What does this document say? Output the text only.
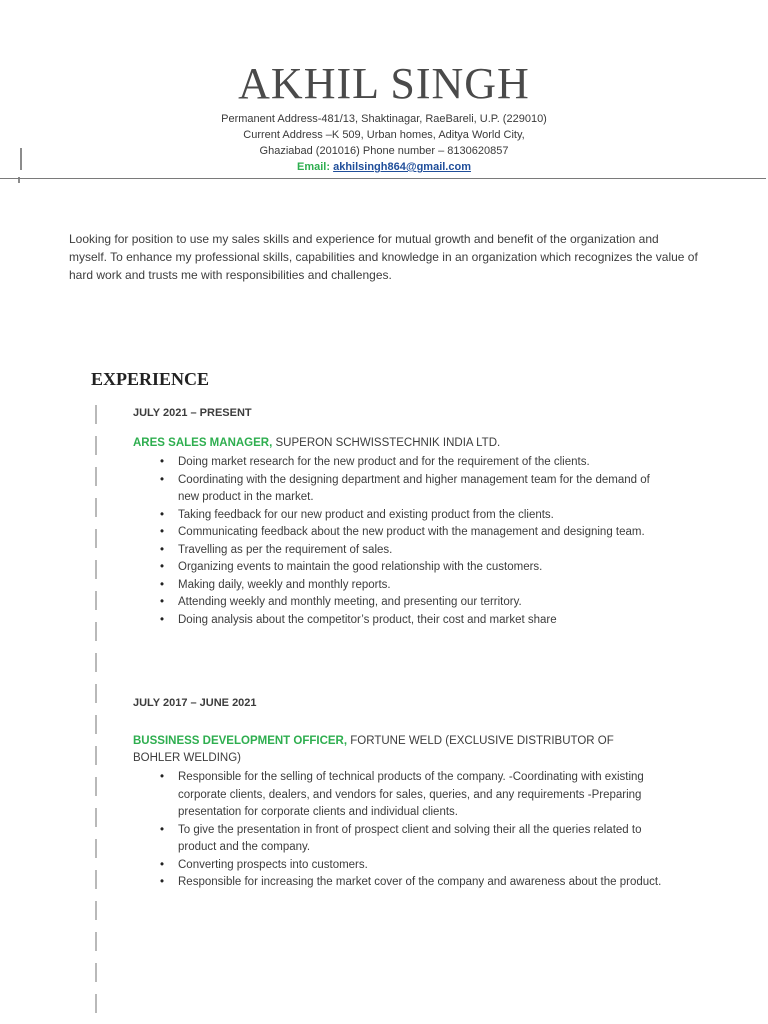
AKHIL SINGH
Permanent Address-481/13, Shaktinagar, RaeBareli, U.P. (229010)
Current Address –K 509, Urban homes, Aditya World City,
Ghaziabad (201016) Phone number – 8130620857
Email: akhilsingh864@gmail.com
Looking for position to use my sales skills and experience for mutual growth and benefit of the organization and myself. To enhance my professional skills, capabilities and knowledge in an organization which recognizes the value of hard work and trusts me with responsibilities and challenges.
EXPERIENCE
JULY 2021 – PRESENT
ARES SALES MANAGER, SUPERON SCHWISSTECHNIK INDIA LTD.
• Doing market research for the new product and for the requirement of the clients.
• Coordinating with the designing department and higher management team for the demand of new product in the market.
• Taking feedback for our new product and existing product from the clients.
• Communicating feedback about the new product with the management and designing team.
• Travelling as per the requirement of sales.
• Organizing events to maintain the good relationship with the customers.
• Making daily, weekly and monthly reports.
• Attending weekly and monthly meeting, and presenting our territory.
• Doing analysis about the competitor’s product, their cost and market share
JULY 2017 – JUNE 2021
BUSSINESS DEVELOPMENT OFFICER, FORTUNE WELD (EXCLUSIVE DISTRIBUTOR OF BOHLER WELDING)
• Responsible for the selling of technical products of the company. -Coordinating with existing corporate clients, dealers, and vendors for sales, queries, and any requirements -Preparing presentation for corporate clients and individual clients.
• To give the presentation in front of prospect client and solving their all the queries related to product and the company.
• Converting prospects into customers.
• Responsible for increasing the market cover of the company and awareness about the product.
